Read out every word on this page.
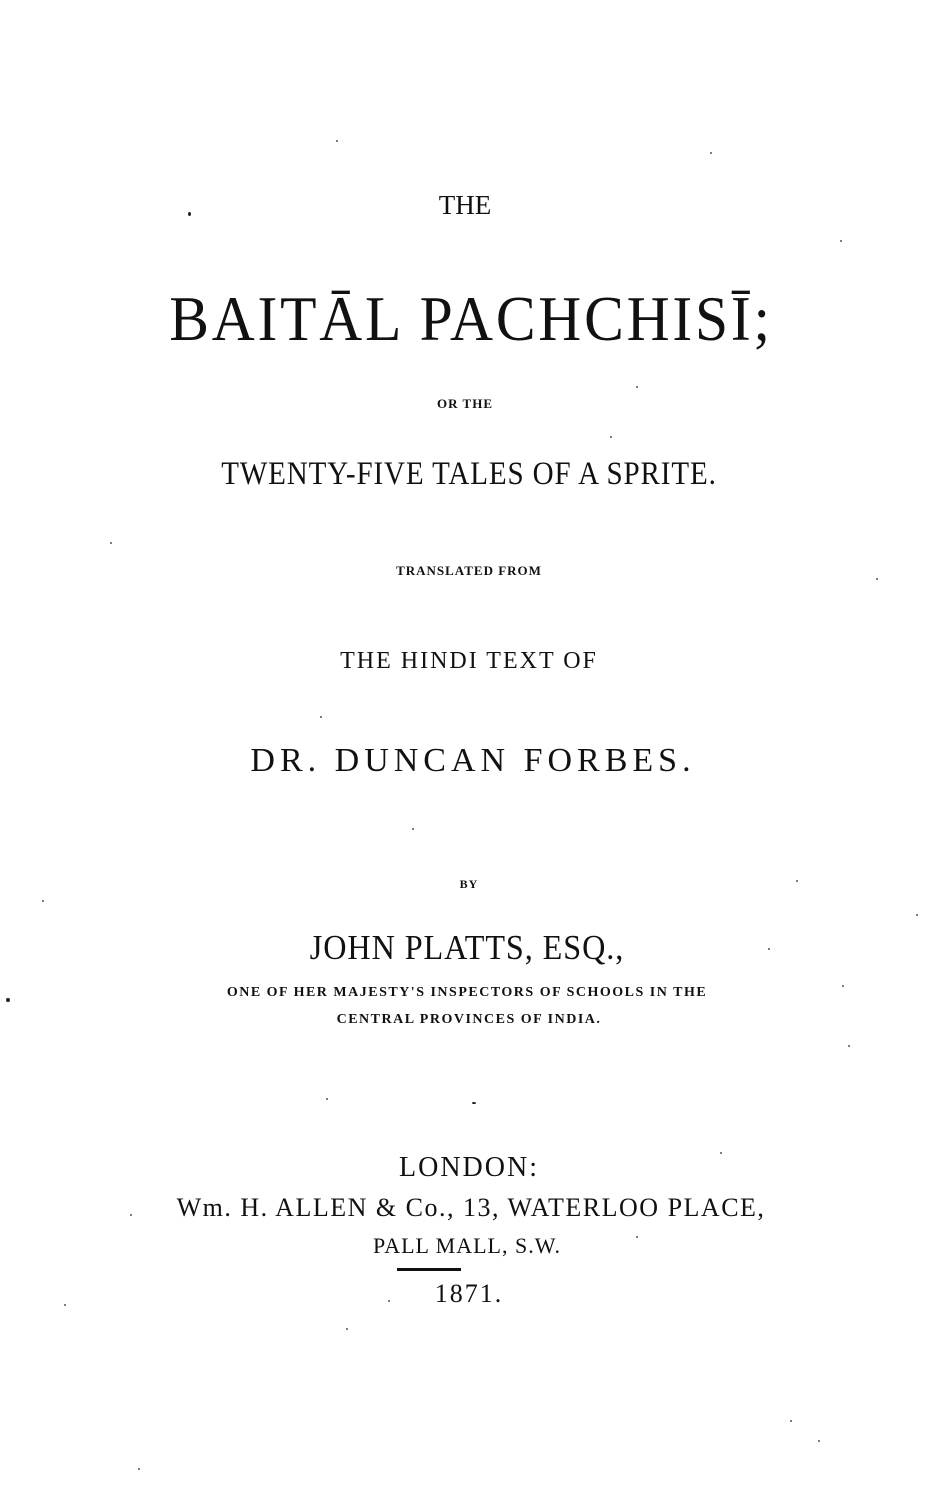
THE
BAITĀL PACHCHISĪ;
OR THE
TWENTY-FIVE TALES OF A SPRITE.
TRANSLATED FROM
THE HINDI TEXT OF
DR. DUNCAN FORBES.
BY
JOHN PLATTS, ESQ.,
ONE OF HER MAJESTY'S INSPECTORS OF SCHOOLS IN THE
CENTRAL PROVINCES OF INDIA.
LONDON:
Wm. H. ALLEN & Co., 13, WATERLOO PLACE,
PALL MALL, S.W.
1871.
